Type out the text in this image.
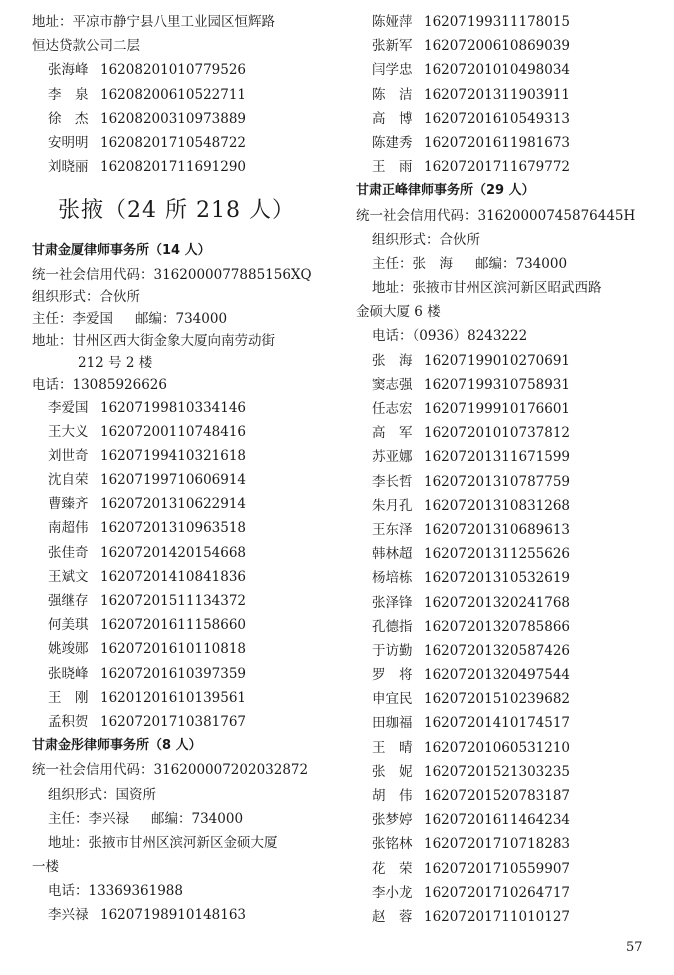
地址：平凉市静宁县八里工业园区恒辉路
恒达贷款公司二层
张海峰 16208201010779526
李　泉 16208200610522711
徐　杰 16208200310973889
安明明 16208201710548722
刘晓丽 16208201711691290
张掖（24 所 218 人）
甘肃金厦律师事务所（14 人）
统一社会信用代码：3162000077885156XQ
组织形式：合伙所
主任：李爱国 邮编：734000
地址：甘州区西大街金象大厦向南劳动街
212 号 2 楼
电话：13085926626
李爱国 16207199810334146
王大义 16207200110748416
刘世奇 16207199410321618
沈自荣 16207199710606914
曹臻齐 16207201310622914
南超伟 16207201310963518
张佳奇 16207201420154668
王斌文 16207201410841836
强继存 16207201511134372
何美琪 16207201611158660
姚竣郧 16207201610110818
张晓峰 16207201610397359
王　刚 16201201610139561
孟积贺 16207201710381767
甘肃金彤律师事务所（8 人）
统一社会信用代码：316200007202032872
组织形式：国资所
主任：李兴禄 邮编：734000
地址：张掖市甘州区滨河新区金硕大厦
一楼
电话：13369361988
李兴禄 16207198910148163
陈娅萍 16207199311178015
张新军 16207200610869039
闫学忠 16207201010498034
陈　洁 16207201311903911
高　博 16207201610549313
陈建秀 16207201611981673
王　雨 16207201711679772
甘肃正峰律师事务所（29 人）
统一社会信用代码：31620000745876445H
组织形式：合伙所
主任：张　海 邮编：734000
地址：张掖市甘州区滨河新区昭武西路
金硕大厦 6 楼
电话：（0936）8243222
张　海 16207199010270691
窦志强 16207199310758931
任志宏 16207199910176601
高　军 16207201010737812
苏亚娜 16207201311671599
李长哲 16207201310787759
朱月孔 16207201310831268
王东泽 16207201310689613
韩林超 16207201311255626
杨培栋 16207201310532619
张泽锋 16207201320241768
孔德指 16207201320785866
于访勤 16207201320587426
罗　将 16207201320497544
申宜民 16207201510239682
田珈福 16207201410174517
王　晴 16207201060531210
张　妮 16207201521303235
胡　伟 16207201520783187
张梦婷 16207201611464234
张铭林 16207201710718283
花　荣 16207201710559907
李小龙 16207201710264717
赵　蓉 16207201711010127
57
